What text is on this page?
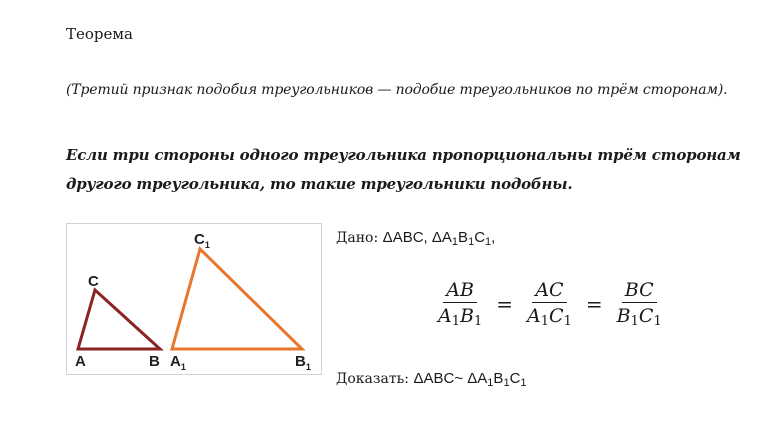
Теорема
(Третий признак подобия треугольников — подобие треугольников по трём сторонам).
Если три стороны одного треугольника пропорциональны трём сторонам другого треугольника, то такие треугольники подобны.
A	B
C
$A_1$	$B_1$
$C_1$	Дано: ΔABC, $\Delta A_1B_1C_1$,
$\frac{AB}{A_1B_1} = \frac{AC}{A_1C_1} = \frac{BC}{B_1C_1}$
Доказать: ΔABC~ $\Delta A_1B_1C_1$
